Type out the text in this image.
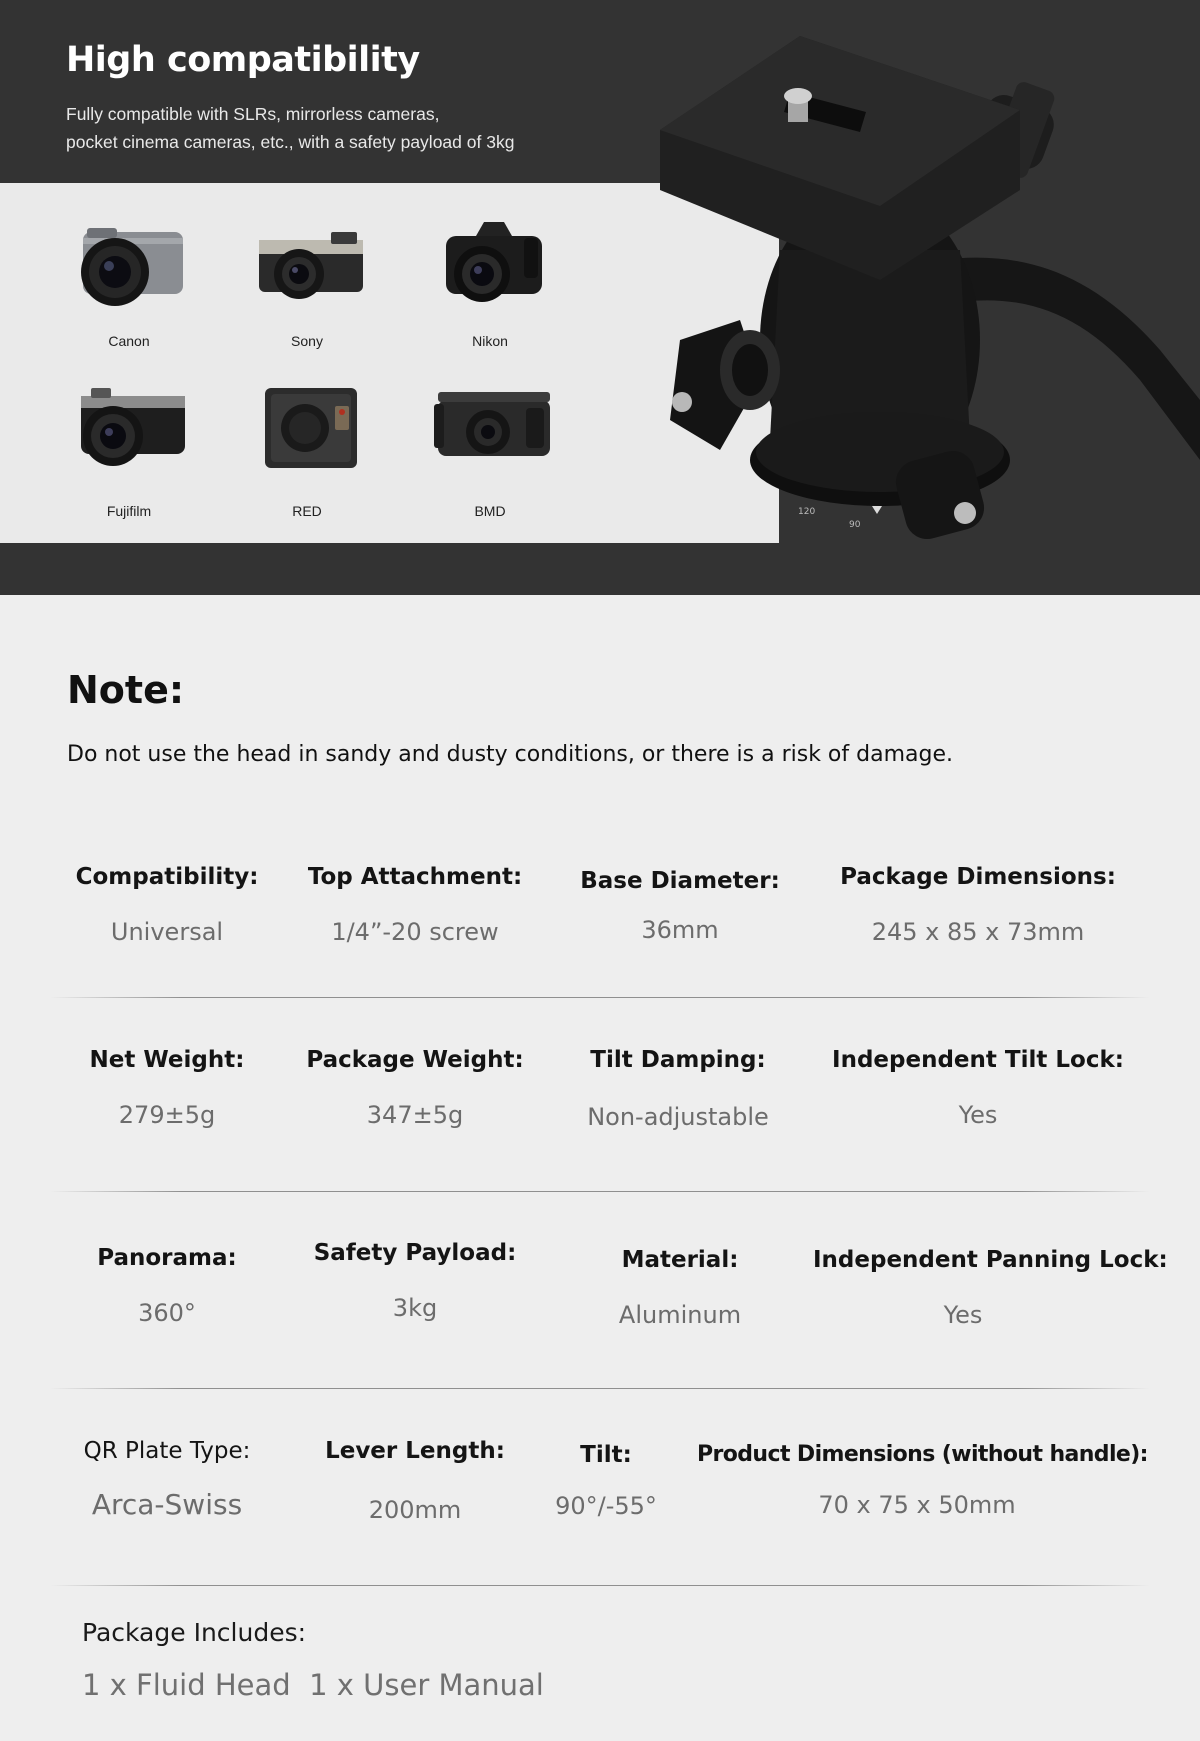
High compatibility
Fully compatible with SLRs, mirrorless cameras,
pocket cinema cameras, etc., with a safety payload of 3kg
Canon	Sony	Nikon
Fujifilm	RED	BMD	120
90
Note:
Do not use the head in sandy and dusty conditions, or there is a risk of damage.
Compatibility:
Universal
Top Attachment:
1/4”-20 screw
Base Diameter:
36mm
Package Dimensions:
245 x 85 x 73mm
Net Weight:
279±5g
Package Weight:
347±5g
Tilt Damping:
Non-adjustable
Independent Tilt Lock:
Yes
Panorama:
360°
Safety Payload:
3kg
Material:
Aluminum
Independent Panning Lock:
Yes
QR Plate Type:
Arca-Swiss
Lever Length:
200mm
Tilt:
90°/-55°
Product Dimensions (without handle):
70 x 75 x 50mm
Package Includes:
1 x Fluid Head  1 x User Manual
